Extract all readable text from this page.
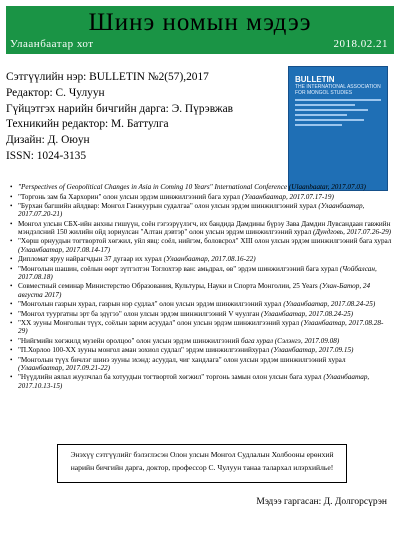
Шинэ номын мэдээ
Улаанбаатар хот	2018.02.21
Сэтгүүлийн нэр: BULLETIN №2(57),2017
Редактор: С. Чулуун
Гүйцэтгэх нарийн бичгийн дарга: Э. Пүрэвжав
Техникийн редактор: М. Баттулга
Дизайн: Д. Оюун
ISSN: 1024-3135
BULLETIN
THE INTERNATIONAL ASSOCIATION FOR MONGOL STUDIES
• "Perspectives of Geopolitical Changes in Asia in Coming 10 Years" International Conference (Ulaanbaatar, 2017.07.03)
• "Торгонь зам ба Хархорин" олон улсын эрдэм шинжилгээний бага хурал (Улаанбаатар, 2017.07.17-19)
• "Бурхан багшийн айлдвар: Монгол Ганжуурын судалгаа" олон улсын эрдэм шинжилгээний хурал (Улаанбаатар, 2017.07.20-21)
• Монгол улсын СБХ-ийн анхны гишүүн, соён гэгээрүүлэгч, их бандида Дамдины бүрэу Зава Дамдин Лувсандаан гавжийн мэндэлсний 150 жилийн ойд зориулсан "Алтан дэвтэр" олон улсын эрдэм шинжилгээний хурал (Дундговь, 2017.07.26-29)
• "Хөрш орнуудын тогтвортой хөгжил, уйл явц: соёл, нийгэм, боловсрол" XIII олон улсын эрдэм шинжилгээний бага хурал (Улаанбаатар, 2017.08.14-17)
• Дипломат яруу найрагчдын 37 дугаар их хурал (Улаанбаатар, 2017.08.16-22)
• "Монголын шашин, соёлын өөрт зүтгэлтэн Тоглохтэр ван: амьдрал, өв" эрдэм шинжилгээний бага хурал (Чойбалсан, 2017.08.18)
• Совместный семинар Министерство Образования, Культуры, Науки и Спорта Монголии, 25 Years (Улан-Батор, 24 августа 2017)
• "Монголын газрын хурал, газрын нэр судлал" олон улсын эрдэм шинжилгээний хурал (Улаанбаатар, 2017.08.24-25)
• "Монгол туургатны эрт ба эдүгээ" олон улсын эрдэм шинжилгээний V чуулган (Улаанбаатар, 2017.08.24-25)
• "XX зууны Монголын түүх, соёлын зарим асуудал" олон улсын эрдэм шинжилгээний хурал (Улаанбаатар, 2017.08.28-29)
• "Нийгмийн хөгжилд музейн оролцоо" олон улсын эрдэм шинжилгээний бага хурал (Сэлэнгэ, 2017.09.08)
• "П.Хорлоо 100-XX зууны монгол аман зохиол судлал" эрдэм шинжилгээнийхурал (Улаанбаатар, 2017.09.15)
• "Монголын түүх бичлэг шинэ зууны эхэнд: асуудал, чиг хандлага" олон улсын эрдэм шинжилгээний хурал (Улаанбаатар, 2017.09.21-22)
• "Нүүдлийн аялал жуулчлал ба хотуудын тогтвортой хөгжил" торгонь замын олон улсын бага хурал (Улаанбаатар, 2017.10.13-15)
Энэхүү сэтгүүлийг бэлэглэсэн Олон улсын Монгол Судлалын Холбооны ерөнхий
нарийн бичгийн дарга, доктор, профессор С. Чулуун танаа талархал илэрхийлье!
Мэдээ гаргасан: Д. Долгорсүрэн
